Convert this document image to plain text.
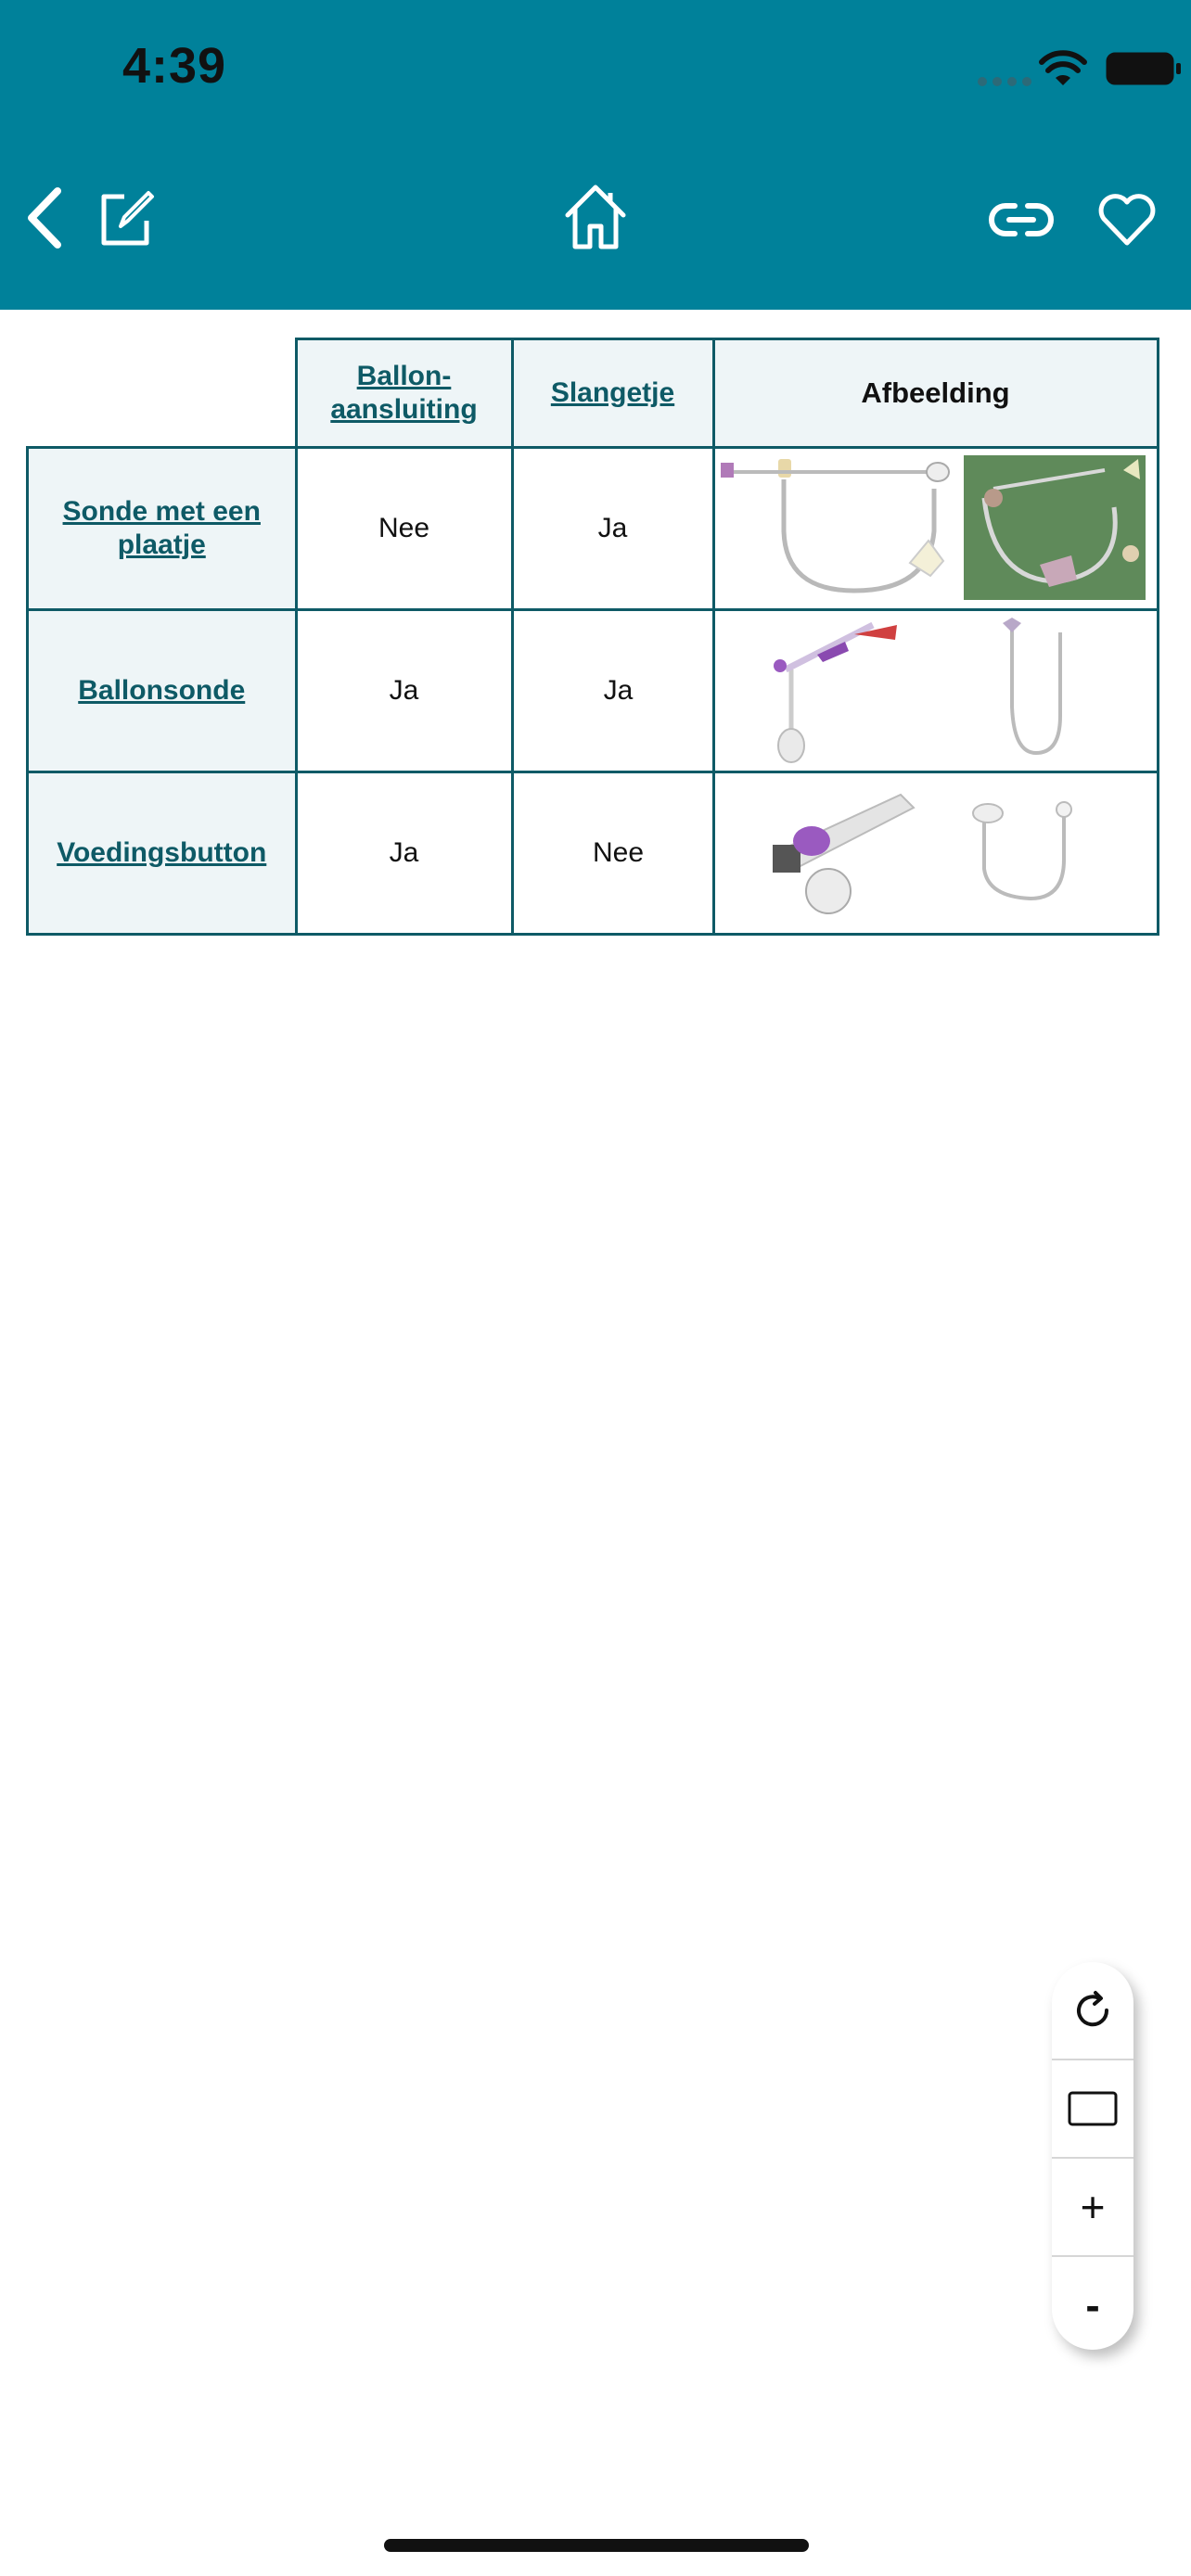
4:39
	Ballon-
aansluiting	Slangetje	Afbeelding
Sonde met een
plaatje	Nee	Ja	

Ballonsonde	Ja	Ja	

Voedingsbutton	Ja	Nee	
+
-
